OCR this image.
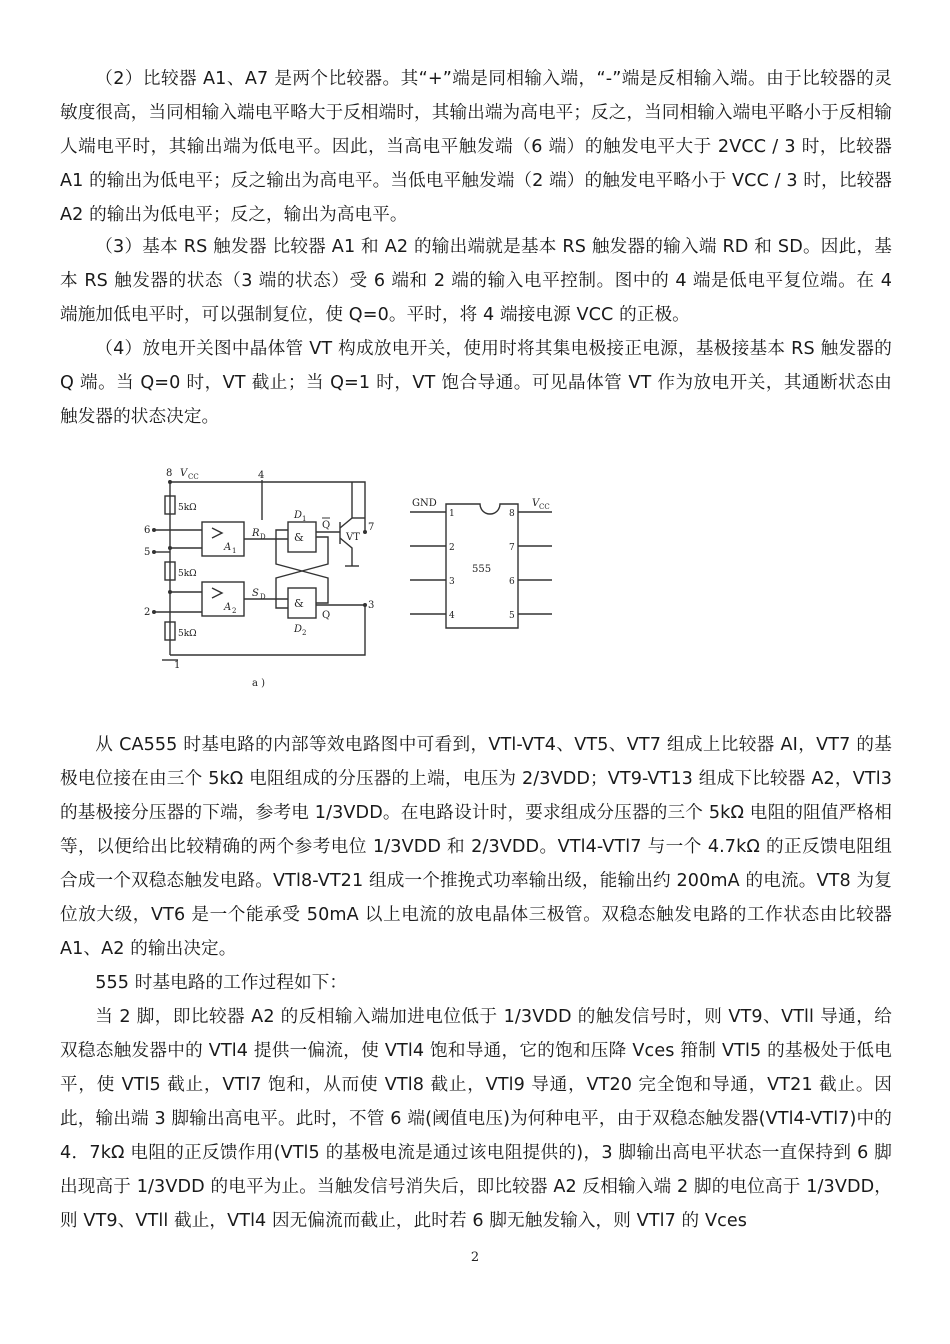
（2）比较器 A1、A7 是两个比较器。其“+”端是同相输入端，“-”端是反相输入端。由于比较器的灵敏度很高，当同相输入端电平略大于反相端时，其输出端为高电平；反之，当同相输入端电平略小于反相输人端电平时，其输出端为低电平。因此，当高电平触发端（6 端）的触发电平大于 2VCC / 3 时，比较器 A1 的输出为低电平；反之输出为高电平。当低电平触发端（2 端）的触发电平略小于 VCC / 3 时，比较器 A2 的输出为低电平；反之，输出为高电平。

（3）基本 RS 触发器 比较器 A1 和 A2 的输出端就是基本 RS 触发器的输入端 RD 和 SD。因此，基本 RS 触发器的状态（3 端的状态）受 6 端和 2 端的输入电平控制。图中的 4 端是低电平复位端。在 4 端施加低电平时，可以强制复位，使 Q=0。平时，将 4 端接电源 VCC 的正极。

（4）放电开关图中晶体管 VT 构成放电开关，使用时将其集电极接正电源，基极接基本 RS 触发器的 Q 端。当 Q=0 时，VT 截止；当 Q=1 时，VT 饱合导通。可见晶体管 VT 作为放电开关，其通断状态由触发器的状态决定。

8 V CC	4
5kΩ
5kΩ
5kΩ
6
5
2
1
A 1
A 2
R D
S D
D 1
D 2
&
&
Q
Q
VT
7
3
a )
GND	V CC
555
1
2
3
4
8
7
6
5

从 CA555 时基电路的内部等效电路图中可看到，VTl-VT4、VT5、VT7 组成上比较器 AI，VT7 的基极电位接在由三个 5kΩ 电阻组成的分压器的上端，电压为 2/3VDD；VT9-VT13 组成下比较器 A2，VTl3 的基极接分压器的下端，参考电 1/3VDD。在电路设计时，要求组成分压器的三个 5kΩ 电阻的阻值严格相等，以便给出比较精确的两个参考电位 1/3VDD 和 2/3VDD。VTl4-VTl7 与一个 4.7kΩ 的正反馈电阻组合成一个双稳态触发电路。VTl8-VT21 组成一个推挽式功率输出级，能输出约 200mA 的电流。VT8 为复位放大级，VT6 是一个能承受 50mA 以上电流的放电晶体三极管。双稳态触发电路的工作状态由比较器 A1、A2 的输出决定。

555 时基电路的工作过程如下：

当 2 脚，即比较器 A2 的反相输入端加进电位低于 1/3VDD 的触发信号时，则 VT9、VTll 导通，给双稳态触发器中的 VTl4 提供一偏流，使 VTl4 饱和导通，它的饱和压降 Vces 箝制 VTl5 的基极处于低电平，使 VTl5 截止，VTl7 饱和，从而使 VTl8 截止，VTl9 导通，VT20 完全饱和导通，VT21 截止。因此，输出端 3 脚输出高电平。此时，不管 6 端(阈值电压)为何种电平，由于双稳态触发器(VTl4-VTl7)中的 4．7kΩ 电阻的正反馈作用(VTl5 的基极电流是通过该电阻提供的)，3 脚输出高电平状态一直保持到 6 脚出现高于 1/3VDD 的电平为止。当触发信号消失后，即比较器 A2 反相输入端 2 脚的电位高于 1/3VDD，则 VT9、VTll 截止，VTl4 因无偏流而截止，此时若 6 脚无触发输入，则 VTl7 的 Vces

2
